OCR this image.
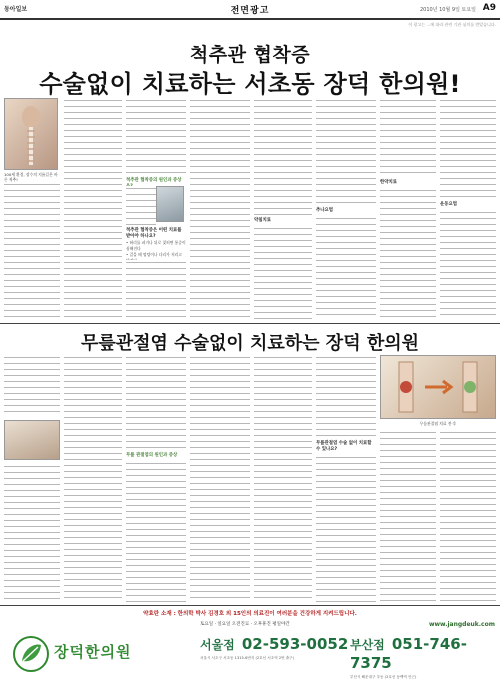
동아일보	전면광고	2010년 10월 9일 토요일 A9
이 광고는 …에 따라 관련 기관 심의를 받았습니다.
척추관 협착증
수술없이 치료하는 서초동 장덕 한의원!
100세 환경, 장수의 지름길은 바른 척추!	척추관 협착증의 원인과 증상
척추관 협착증은 어떤 치료를 받아야 하나요?
• 허리를 펴거나 뒤로 젖히면 통증이 심해진다
• 걸을 때 엉덩이나 다리가 저리고
약침치료
추나요법
한약치료
운동요법
무릎관절염 수술없이 치료하는 장덕 한의원
무릎 관절염의 원인과 증상
무릎관절염 수술 없이 치료할 수 있나요?
무릎관절염 치료 전·후
약효란 소재 : 한의학 박사 김경호 외 15인의 의료진이 여러분을 건강하게 지켜드립니다.
장덕한의원
토요일 · 일요일 오전진료 · 오후휴진 평일야간	www.jangdeuk.com
서울점 02-593-0052
서울시 서초구 서초동 1315-6번지 (2호선 서초역 2번 출구)
부산점 051-746-7375
부산시 해운대구 우동 (2호선 동백역 인근)
